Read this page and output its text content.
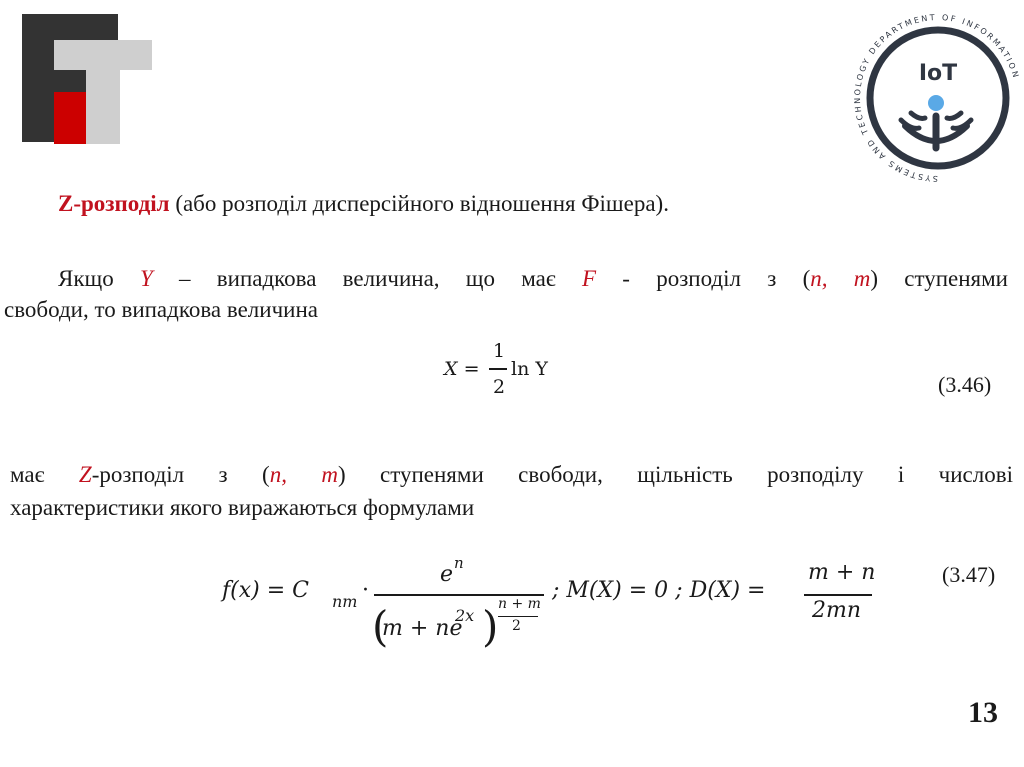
SYSTEMS AND TECHNOLOGY DEPARTMENT OF INFORMATION
IoT
Z-розподіл (або розподіл дисперсійного відношення Фішера).
Якщо Y – випадкова величина, що має F - розподіл з (n, m) ступенями
свободи, то випадкова величина
X =
1
2
ln Y
(3.46)
має Z-розподіл з (n, m) ступенями свободи, щільність розподілу і числові
характеристики якого виражаються формулами
f(x) = C nm ·
e n
(
m + ne
2x ) n + m
2
; M(X) = 0 ; D(X) =
m + n
2mn
(3.47)
13
